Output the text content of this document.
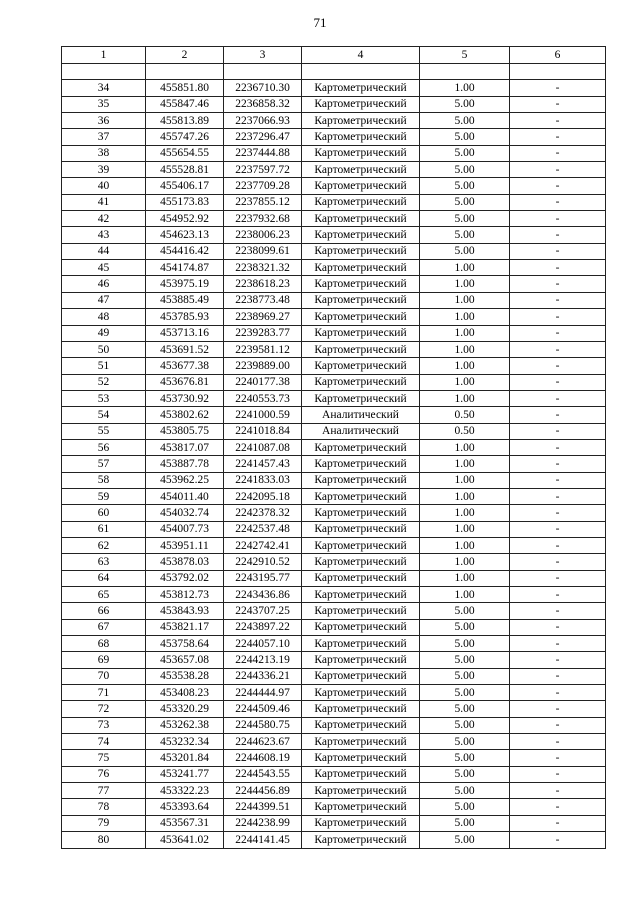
71
1	2	3	4	5	6

34	455851.80	2236710.30	Картометрический	1.00	-
35	455847.46	2236858.32	Картометрический	5.00	-
36	455813.89	2237066.93	Картометрический	5.00	-
37	455747.26	2237296.47	Картометрический	5.00	-
38	455654.55	2237444.88	Картометрический	5.00	-
39	455528.81	2237597.72	Картометрический	5.00	-
40	455406.17	2237709.28	Картометрический	5.00	-
41	455173.83	2237855.12	Картометрический	5.00	-
42	454952.92	2237932.68	Картометрический	5.00	-
43	454623.13	2238006.23	Картометрический	5.00	-
44	454416.42	2238099.61	Картометрический	5.00	-
45	454174.87	2238321.32	Картометрический	1.00	-
46	453975.19	2238618.23	Картометрический	1.00	-
47	453885.49	2238773.48	Картометрический	1.00	-
48	453785.93	2238969.27	Картометрический	1.00	-
49	453713.16	2239283.77	Картометрический	1.00	-
50	453691.52	2239581.12	Картометрический	1.00	-
51	453677.38	2239889.00	Картометрический	1.00	-
52	453676.81	2240177.38	Картометрический	1.00	-
53	453730.92	2240553.73	Картометрический	1.00	-
54	453802.62	2241000.59	Аналитический	0.50	-
55	453805.75	2241018.84	Аналитический	0.50	-
56	453817.07	2241087.08	Картометрический	1.00	-
57	453887.78	2241457.43	Картометрический	1.00	-
58	453962.25	2241833.03	Картометрический	1.00	-
59	454011.40	2242095.18	Картометрический	1.00	-
60	454032.74	2242378.32	Картометрический	1.00	-
61	454007.73	2242537.48	Картометрический	1.00	-
62	453951.11	2242742.41	Картометрический	1.00	-
63	453878.03	2242910.52	Картометрический	1.00	-
64	453792.02	2243195.77	Картометрический	1.00	-
65	453812.73	2243436.86	Картометрический	1.00	-
66	453843.93	2243707.25	Картометрический	5.00	-
67	453821.17	2243897.22	Картометрический	5.00	-
68	453758.64	2244057.10	Картометрический	5.00	-
69	453657.08	2244213.19	Картометрический	5.00	-
70	453538.28	2244336.21	Картометрический	5.00	-
71	453408.23	2244444.97	Картометрический	5.00	-
72	453320.29	2244509.46	Картометрический	5.00	-
73	453262.38	2244580.75	Картометрический	5.00	-
74	453232.34	2244623.67	Картометрический	5.00	-
75	453201.84	2244608.19	Картометрический	5.00	-
76	453241.77	2244543.55	Картометрический	5.00	-
77	453322.23	2244456.89	Картометрический	5.00	-
78	453393.64	2244399.51	Картометрический	5.00	-
79	453567.31	2244238.99	Картометрический	5.00	-
80	453641.02	2244141.45	Картометрический	5.00	-
